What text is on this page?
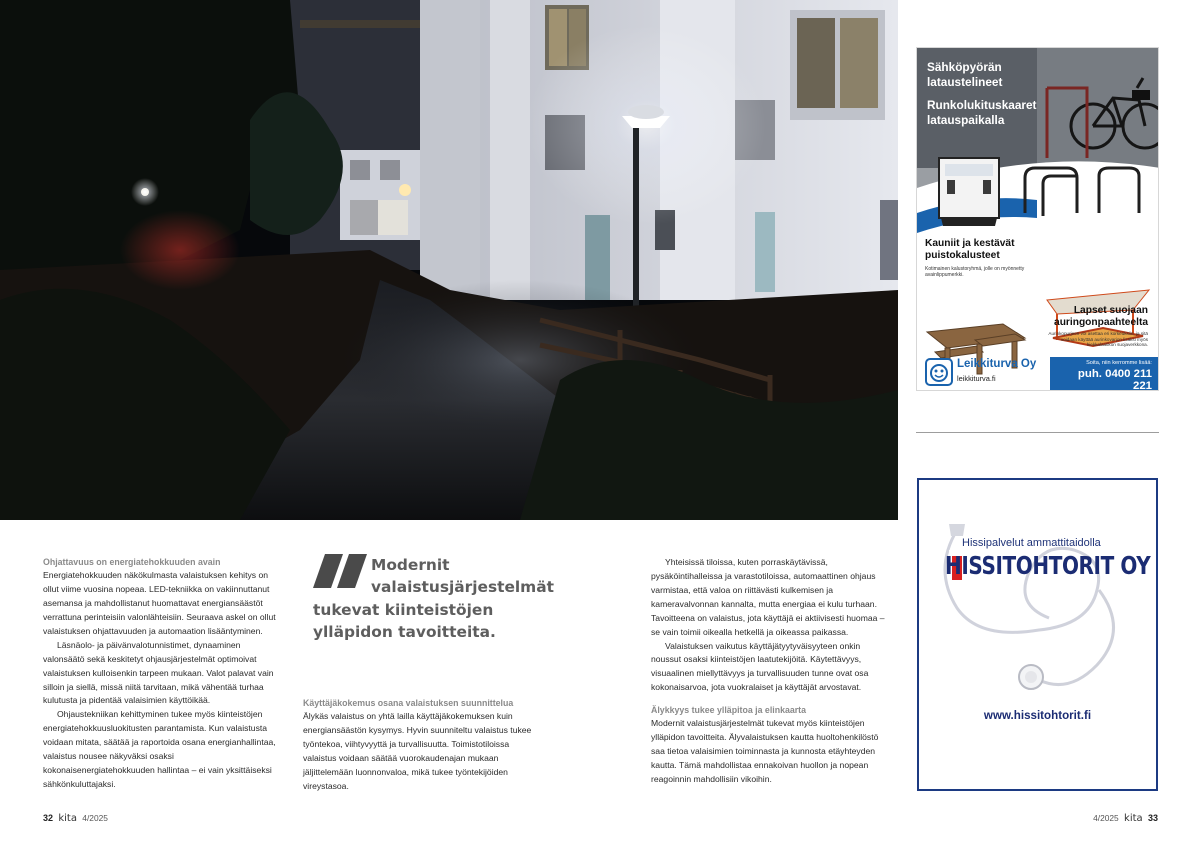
Ohjattavuus on energiatehokkuuden avain

Energiatehokkuuden näkökulmasta valaistuksen kehitys on ollut viime vuosina nopeaa. LED-tekniikka on vakiinnuttanut asemansa ja mahdollistanut huomattavat energiansäästöt verrattuna perinteisiin valonlähteisiin. Seuraava askel on ollut valaistuksen ohjattavuuden ja automaation lisääntyminen.

Läsnäolo- ja päivänvalotunnistimet, dynaaminen valonsäätö sekä keskitetyt ohjausjärjestelmät optimoivat valaistuksen kulloisenkin tarpeen mukaan. Valot palavat vain silloin ja siellä, missä niitä tarvitaan, mikä vähentää turhaa kulutusta ja pidentää valaisimien käyttöikää.

Ohjaustekniikan kehittyminen tukee myös kiinteistöjen energiatehokkuusluokitusten parantamista. Kun valaistusta voidaan mitata, säätää ja raportoida osana energianhallintaa, valaistus nousee näkyväksi osaksi kokonaisenergiatehokkuuden hallintaa – ei vain yksittäiseksi sähkönkuluttajaksi.

Modernit
valaistusjärjestelmät
tukevat kiinteistöjen
ylläpidon tavoitteita.

Käyttäjäkokemus osana valaistuksen suunnittelua

Älykäs valaistus on yhtä lailla käyttäjäkokemuksen kuin energiansäästön kysymys. Hyvin suunniteltu valaistus tukee työntekoa, viihtyvyyttä ja turvallisuutta. Toimistotiloissa valaistus voidaan säätää vuorokaudenajan mukaan jäljittelemään luonnonvaloa, mikä tukee työntekijöiden vireystasoa.

Yhteisissä tiloissa, kuten porraskäytävissä, pysäköintihalleissa ja varastotiloissa, automaattinen ohjaus varmistaa, että valoa on riittävästi kulkemisen ja kameravalvonnan kannalta, mutta energiaa ei kulu turhaan. Tavoitteena on valaistus, jota käyttäjä ei aktiivisesti huomaa – se vain toimii oikealla hetkellä ja oikeassa paikassa.

Valaistuksen vaikutus käyttäjätyytyväisyyteen onkin noussut osaksi kiinteistöjen laatutekijöitä. Käytettävyys, visuaalinen miellyttävyys ja turvallisuuden tunne ovat osa kokonaisarvoa, jota vuokralaiset ja käyttäjät arvostavat.

Älykkyys tukee ylläpitoa ja elinkaarta

Modernit valaistusjärjestelmät tukevat myös kiinteistöjen ylläpidon tavoitteita. Älyvalaistuksen kautta huoltohenkilöstö saa tietoa valaisimien toiminnasta ja kunnosta etäyhteyden kautta. Tämä mahdollistaa ennakoivan huollon ja nopean reagoinnin mahdollisiin vikoihin.

32 kita 4/2025	4/2025 kita 33
Sähköpyörän lataustelineet
Runkolukituskaaret latauspaikalla
Kauniit ja kestävät puistokalusteet
Kotimainen kalustoryhmä, jolle on myönnetty avainlippumerkki.
Lapset suojaan auringonpaahteelta
Aurinkopurjeen voi asettaa eri korkeuksiin, ja sitä voidaan käyttää aurinkovarjon lisäksi myös hiekkalaatikon suojaverkkona.
Leikkiturva Oy
leikkiturva.fi
Soita, niin kerromme lisää:
puh. 0400 211 221
Hissipalvelut ammattitaidolla
HISSITOHTORIT OY
www.hissitohtorit.fi
